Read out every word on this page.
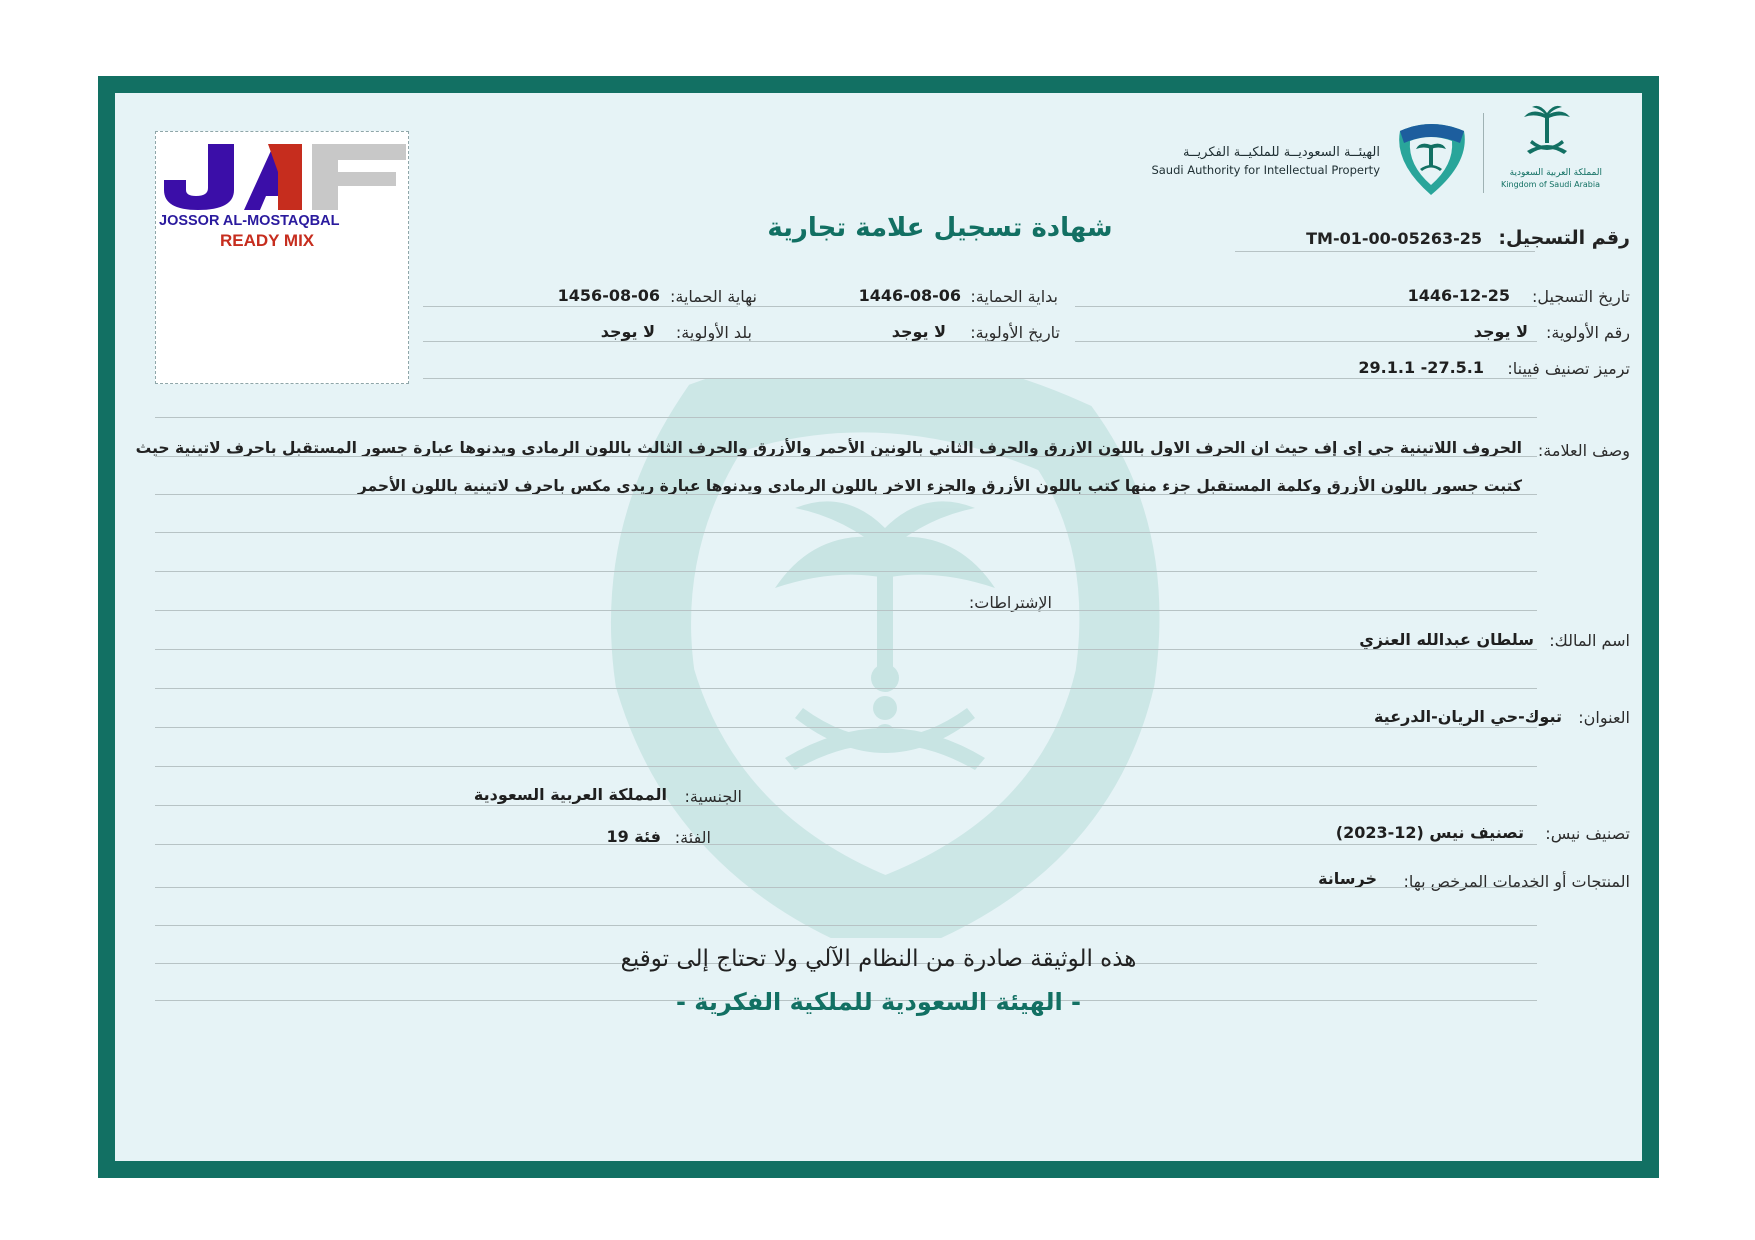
المملكة العربية السعودية
Kingdom of Saudi Arabia
الهيئــة السعوديــة للملكيــة الفكريــة
Saudi Authority for Intellectual Property
JOSSOR AL-MOSTAQBAL
READY MIX	شهادة تسجيل علامة تجارية	رقم التسجيل:
TM-01-00-05263-25
تاريخ التسجيل:
1446-12-25
بداية الحماية:
1446-08-06
نهاية الحماية:
1456-08-06
رقم الأولوية:
لا يوجد
تاريخ الأولوية:
لا يوجد
بلد الأولوية:
لا يوجد
ترميز تصنيف فيينا:
29.1.1 -27.5.1
وصف العلامة:
الحروف اللاتينية جي إي إف حيث ان الحرف الاول باللون الازرق والحرف الثاني بالونين الأحمر والأزرق والحرف الثالث باللون الرمادي ويدنوها عبارة جسور المستقبل باحرف لاتينية حيث
كتبت جسور باللون الأزرق وكلمة المستقبل جزء منها كتب باللون الأزرق والجزء الاخر باللون الرمادي ويدنوها عبارة ريدي مكس باحرف لاتينية باللون الأحمر
الإشتراطات:
اسم المالك:
سلطان عبدالله العنزي
العنوان:
تبوك-حي الريان-الدرعية
الجنسية:
المملكة العربية السعودية
تصنيف نيس:
تصنيف نيس (12-2023)
الفئة:
فئة 19
المنتجات أو الخدمات المرخص بها:
خرسانة
هذه الوثيقة صادرة من النظام الآلي ولا تحتاج إلى توقيع
- الهيئة السعودية للملكية الفكرية -
